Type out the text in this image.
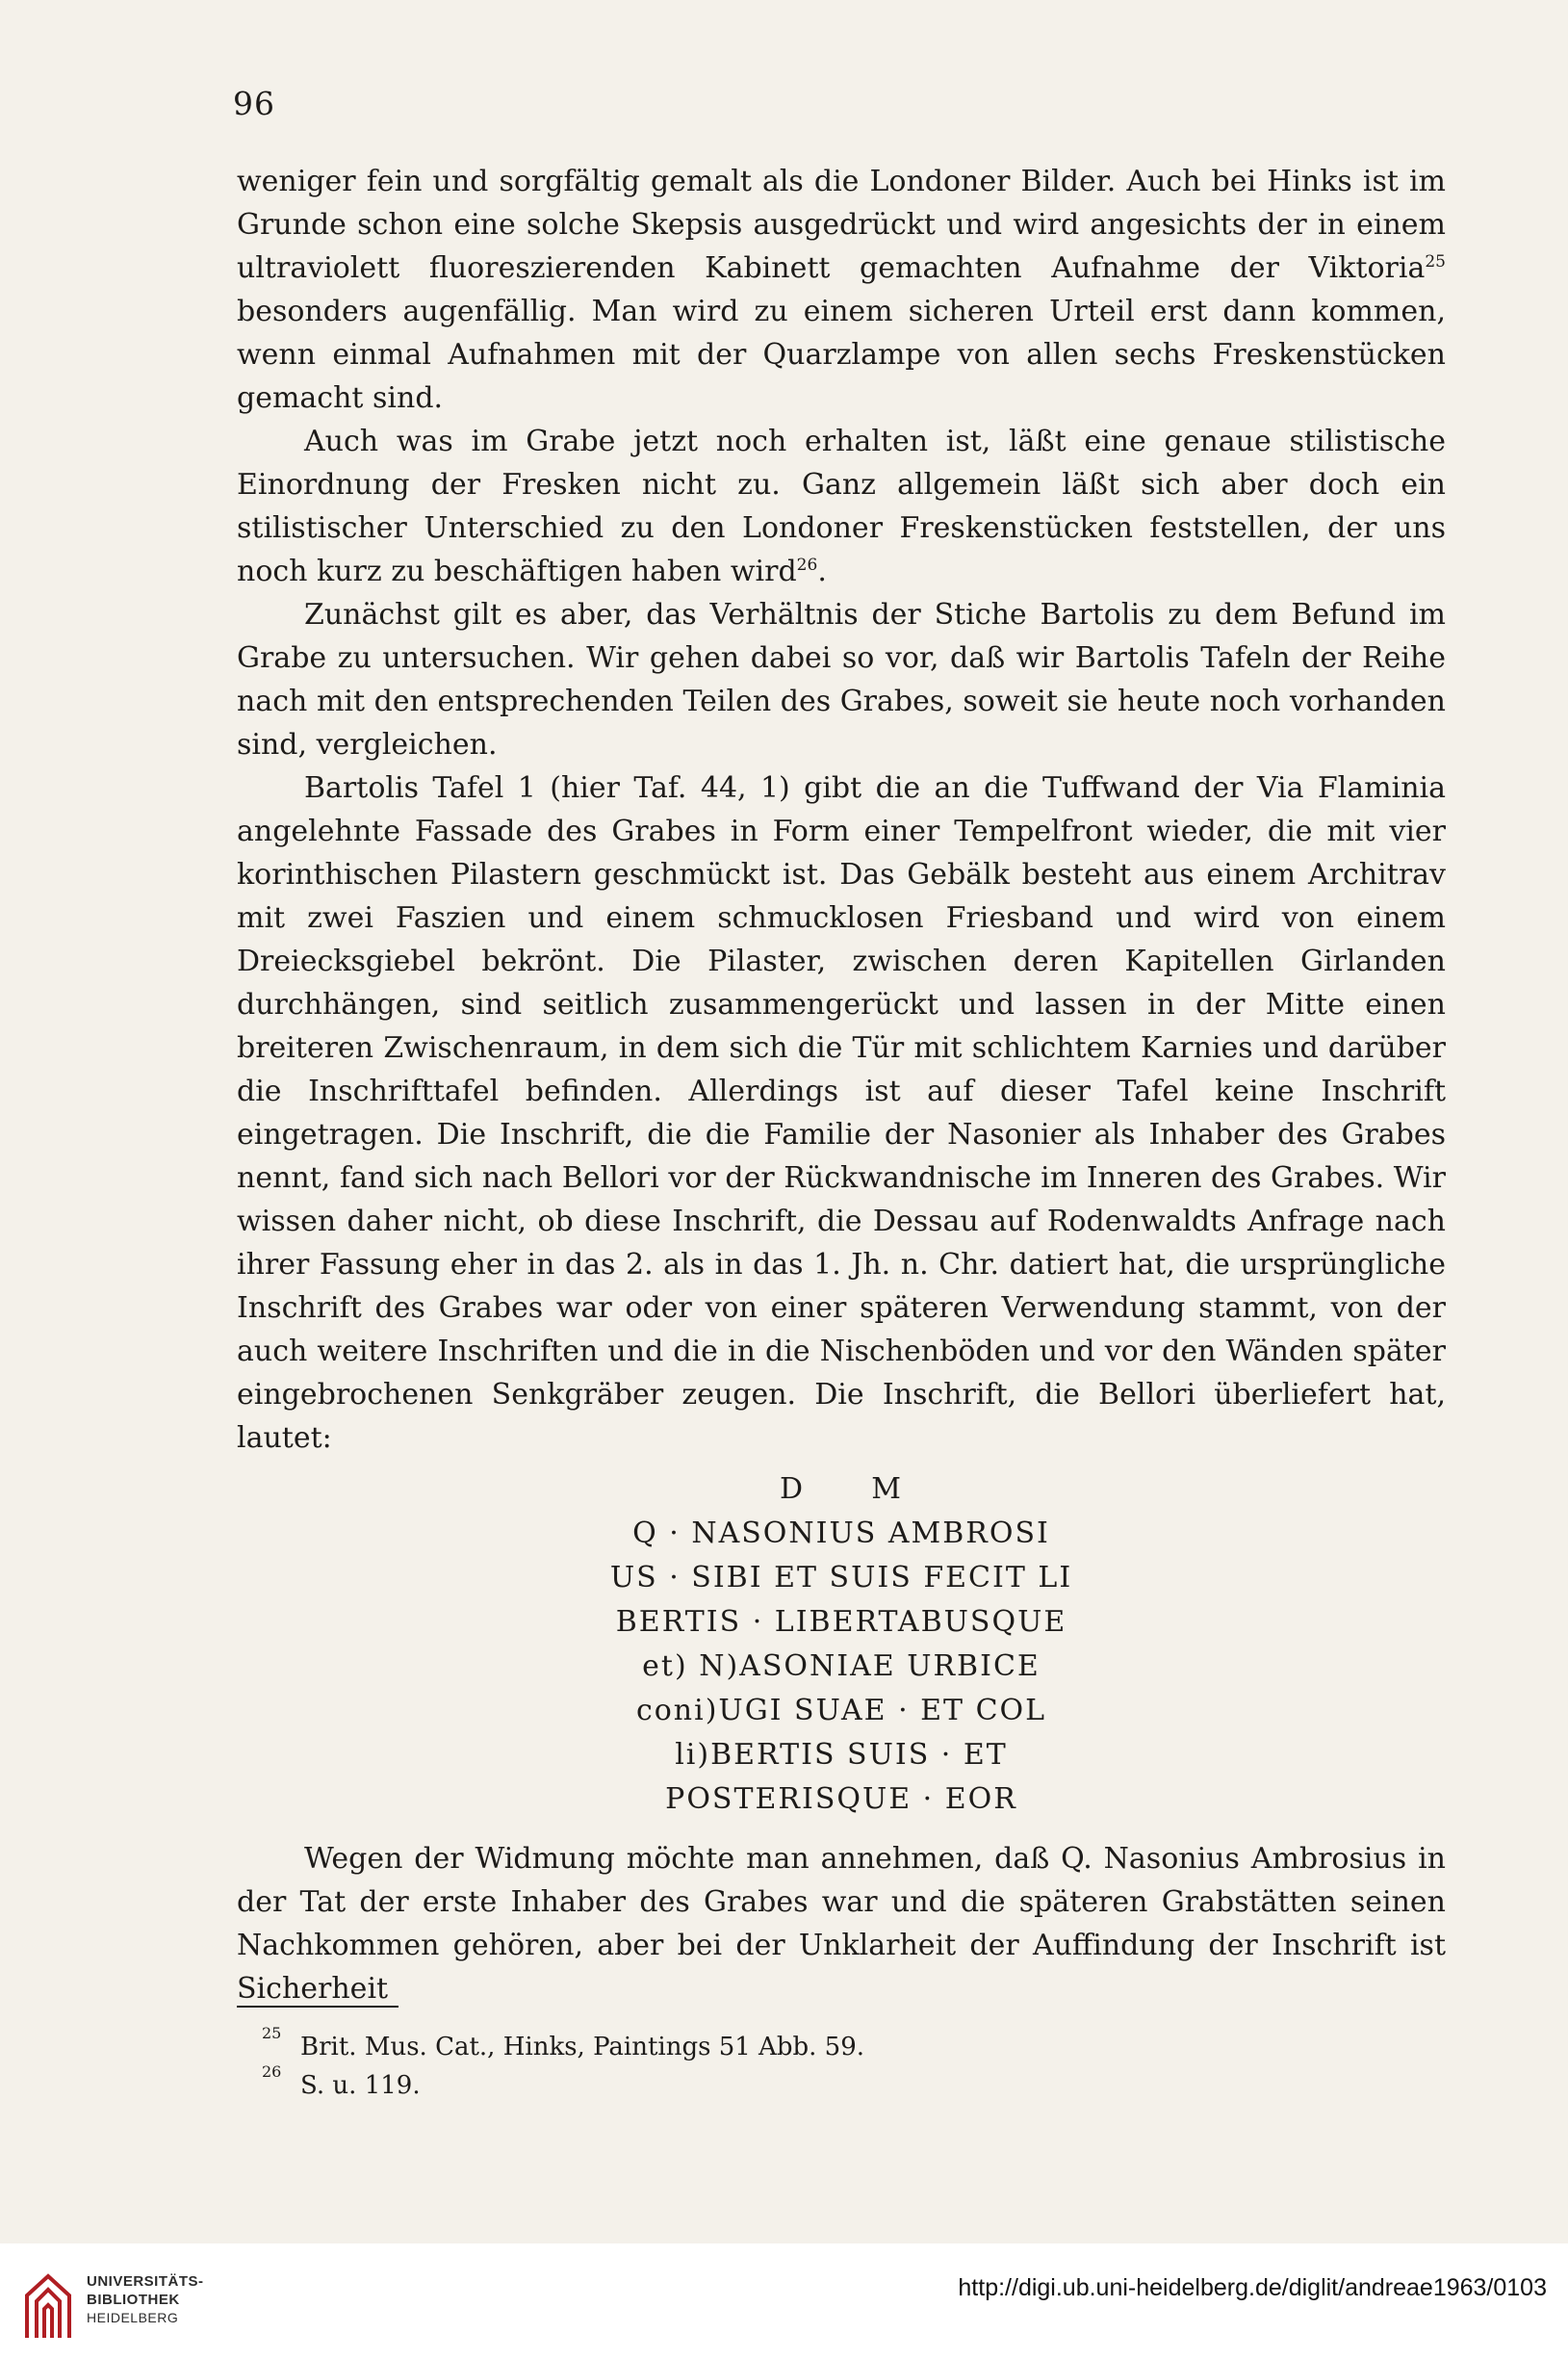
96

weniger fein und sorgfältig gemalt als die Londoner Bilder. Auch bei Hinks ist im Grunde schon eine solche Skepsis ausgedrückt und wird angesichts der in einem ultraviolett fluoreszierenden Kabinett gemachten Aufnahme der Viktoria$^{25}$ besonders augenfällig. Man wird zu einem sicheren Urteil erst dann kommen, wenn einmal Aufnahmen mit der Quarzlampe von allen sechs Freskenstücken gemacht sind.

Auch was im Grabe jetzt noch erhalten ist, läßt eine genaue stilistische Einordnung der Fresken nicht zu. Ganz allgemein läßt sich aber doch ein stilistischer Unterschied zu den Londoner Freskenstücken feststellen, der uns noch kurz zu beschäftigen haben wird$^{26}$.

Zunächst gilt es aber, das Verhältnis der Stiche Bartolis zu dem Befund im Grabe zu untersuchen. Wir gehen dabei so vor, daß wir Bartolis Tafeln der Reihe nach mit den entsprechenden Teilen des Grabes, soweit sie heute noch vorhanden sind, vergleichen.

Bartolis Tafel 1 (hier Taf. 44, 1) gibt die an die Tuffwand der Via Flaminia angelehnte Fassade des Grabes in Form einer Tempelfront wieder, die mit vier korinthischen Pilastern geschmückt ist. Das Gebälk besteht aus einem Architrav mit zwei Faszien und einem schmucklosen Friesband und wird von einem Dreiecksgiebel bekrönt. Die Pilaster, zwischen deren Kapitellen Girlanden durchhängen, sind seitlich zusammengerückt und lassen in der Mitte einen breiteren Zwischenraum, in dem sich die Tür mit schlichtem Karnies und darüber die Inschrifttafel befinden. Allerdings ist auf dieser Tafel keine Inschrift eingetragen. Die Inschrift, die die Familie der Nasonier als Inhaber des Grabes nennt, fand sich nach Bellori vor der Rückwandnische im Inneren des Grabes. Wir wissen daher nicht, ob diese Inschrift, die Dessau auf Rodenwaldts Anfrage nach ihrer Fassung eher in das 2. als in das 1. Jh. n. Chr. datiert hat, die ursprüngliche Inschrift des Grabes war oder von einer späteren Verwendung stammt, von der auch weitere Inschriften und die in die Nischenböden und vor den Wänden später eingebrochenen Senkgräber zeugen. Die Inschrift, die Bellori überliefert hat, lautet:

D      M
Q · NASONIUS AMBROSI
US · SIBI ET SUIS FECIT LI
BERTIS · LIBERTABUSQUE
et) N)ASONIAE URBICE
coni)UGI SUAE · ET COL
li)BERTIS SUIS · ET
POSTERISQUE · EOR

Wegen der Widmung möchte man annehmen, daß Q. Nasonius Ambrosius in der Tat der erste Inhaber des Grabes war und die späteren Grabstätten seinen Nachkommen gehören, aber bei der Unklarheit der Auffindung der Inschrift ist Sicherheit

25 Brit. Mus. Cat., Hinks, Paintings 51 Abb. 59.
26 S. u. 119.
UNIVERSITÄTS-
BIBLIOTHEK
HEIDELBERG
http://digi.ub.uni-heidelberg.de/diglit/andreae1963/0103
